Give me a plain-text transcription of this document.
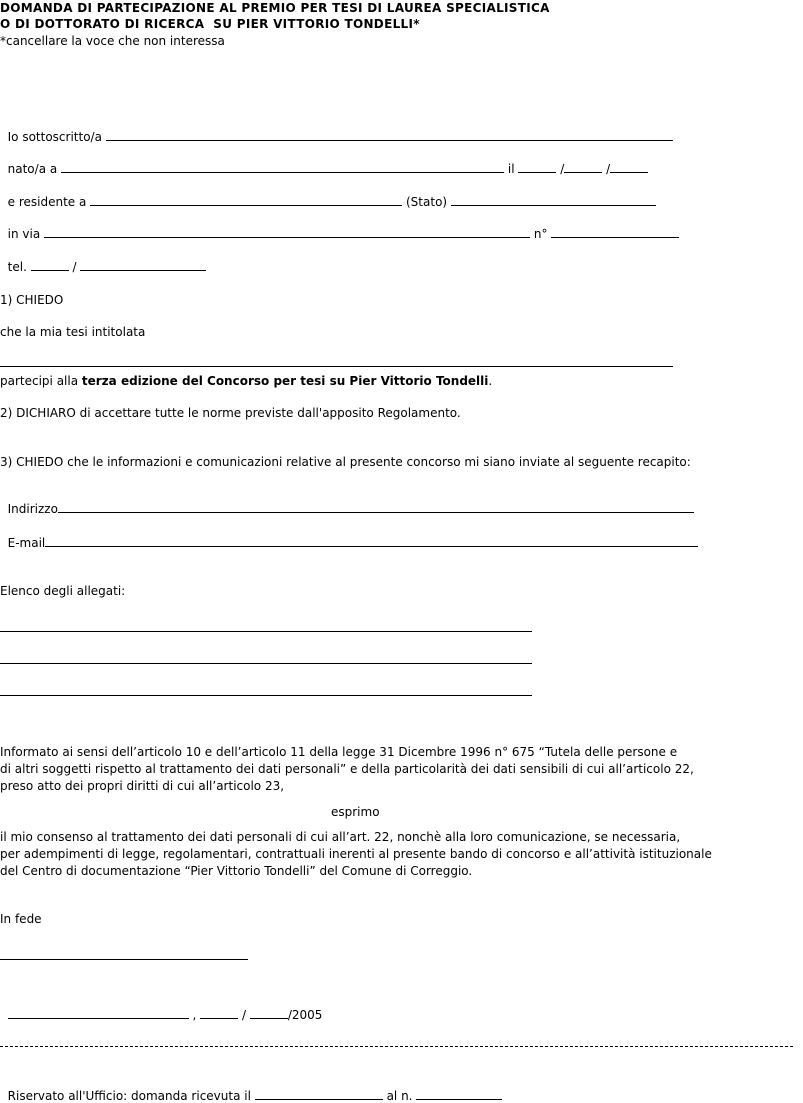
DOMANDA DI PARTECIPAZIONE AL PREMIO PER TESI DI LAUREA SPECIALISTICA
O DI DOTTORATO DI RICERCA  SU PIER VITTORIO TONDELLI*
*cancellare la voce che non interessa

Io sottoscritto/a

nato/a a	il	/	/

e residente a	(Stato)

in via	n°

tel.	/

1) CHIEDO
che la mia tesi intitolata
partecipi alla terza edizione del Concorso per tesi su Pier Vittorio Tondelli.
2) DICHIARO di accettare tutte le norme previste dall'apposito Regolamento.
3) CHIEDO che le informazioni e comunicazioni relative al presente concorso mi siano inviate al seguente recapito:

Indirizzo

E-mail

Elenco degli allegati:
Informato ai sensi dell’articolo 10 e dell’articolo 11 della legge 31 Dicembre 1996 n° 675 “Tutela delle persone e
di altri soggetti rispetto al trattamento dei dati personali” e della particolarità dei dati sensibili di cui all’articolo 22,
preso atto dei propri diritti di cui all’articolo 23,
esprimo
il mio consenso al trattamento dei dati personali di cui all’art. 22, nonchè alla loro comunicazione, se necessaria,
per adempimenti di legge, regolamentari, contrattuali inerenti al presente bando di concorso e all’attività istituzionale
del Centro di documentazione “Pier Vittorio Tondelli” del Comune di Correggio.
In fede

,	/	/2005

Riservato all'Ufficio: domanda ricevuta il	al n.
